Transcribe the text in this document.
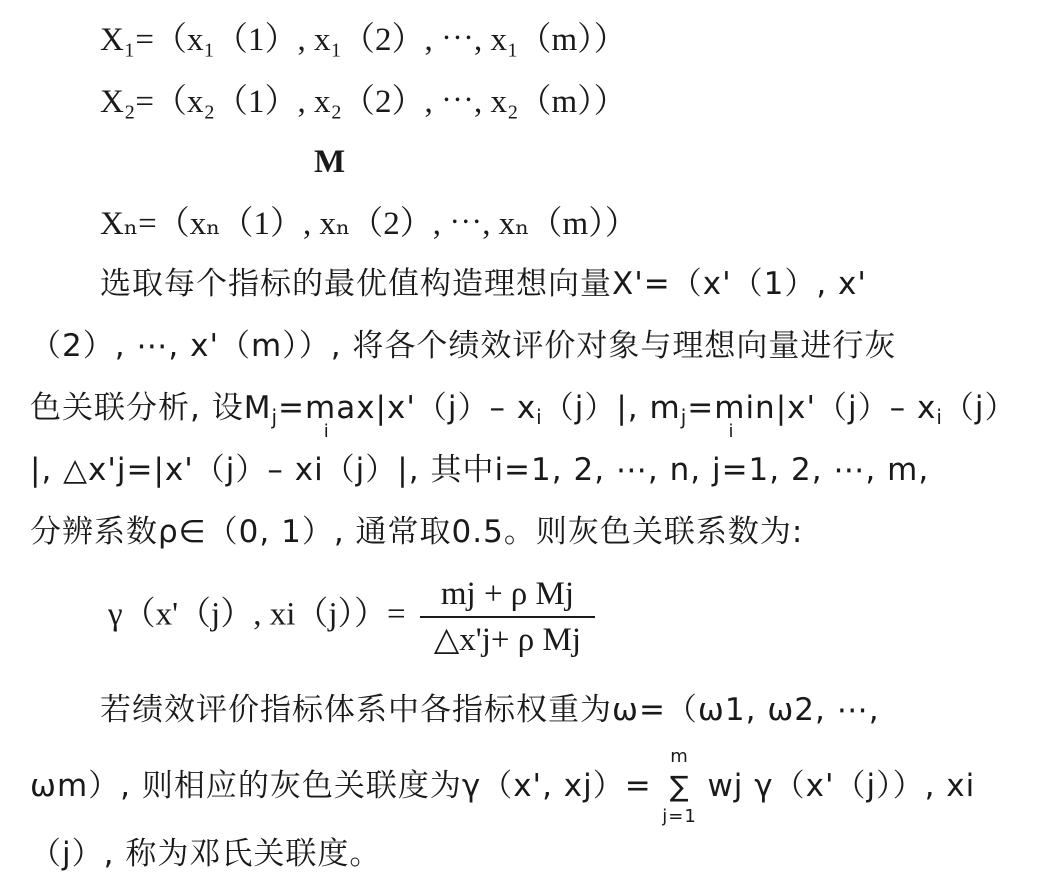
X₁=（x₁（1）, x₁（2）, ⋯, x₁（m））
X₂=（x₂（1）, x₂（2）, ⋯, x₂（m））
M
Xₙ=（xₙ（1）, xₙ（2）, ⋯, xₙ（m））
选取每个指标的最优值构造理想向量X'=（x'（1）, x'
（2）, ⋯, x'（m））, 将各个绩效评价对象与理想向量进行灰
色关联分析, 设$M_j=\max$
i
|x'（j）– $x_i(j)|$, $m_j=\min$
i
|x'（j）– $x_i(j)$
|, △x'j=|x'（j）– xi（j）|, 其中i=1, 2, ⋯, n, j=1, 2, ⋯, m,
分辨系数ρ∈（0, 1）, 通常取0.5。则灰色关联系数为:
γ（x'（j）, $xi(j))= \frac{\text{mj + ρ Mj}}{\text{△x'j+ ρ Mj}}$
若绩效评价指标体系中各指标权重为ω=（ω1, ω2, ⋯,
ωm）, 则相应的灰色关联度为γ（x', xj）=
m
∑
j=1
wj γ（x'（j））, xi
（j）, 称为邓氏关联度。
